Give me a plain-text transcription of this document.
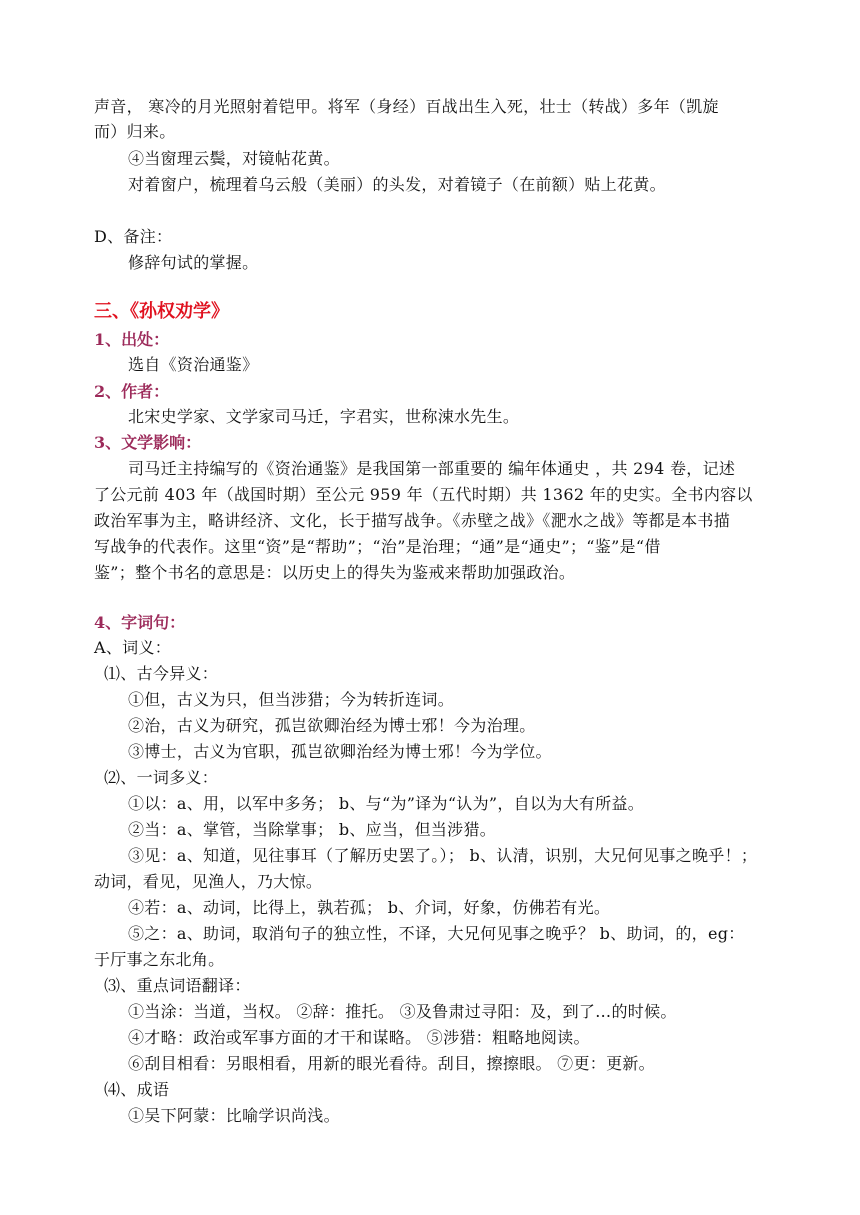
声音， 寒冷的月光照射着铠甲。将军（身经）百战出生入死，壮士（转战）多年（凯旋
而）归来。
④当窗理云鬓，对镜帖花黄。
对着窗户，梳理着乌云般（美丽）的头发，对着镜子（在前额）贴上花黄。
D、备注：
修辞句试的掌握。
三、《孙权劝学》
1、出处：
选自《资治通鉴》
2、作者：
北宋史学家、文学家司马迁，字君实，世称涑水先生。
3、文学影响：
司马迁主持编写的《资治通鉴》是我国第一部重要的 编年体通史 ，共 294 卷，记述
了公元前 403 年（战国时期）至公元 959 年（五代时期）共 1362 年的史实。全书内容以
政治军事为主，略讲经济、文化，长于描写战争。《赤壁之战》《淝水之战》等都是本书描
写战争的代表作。这里“资”是“帮助”；“治”是治理；“通”是“通史”；“鉴”是“借
鉴”；整个书名的意思是：以历史上的得失为鉴戒来帮助加强政治。
4、字词句：
A、词义：
⑴、古今异义：
①但，古义为只，但当涉猎；今为转折连词。
②治，古义为研究，孤岂欲卿治经为博士邪！今为治理。
③博士，古义为官职，孤岂欲卿治经为博士邪！今为学位。
⑵、一词多义：
①以：a、用，以军中多务； b、与“为”译为“认为”，自以为大有所益。
②当：a、掌管，当除掌事； b、应当，但当涉猎。
③见：a、知道，见往事耳（了解历史罢了。）； b、认清，识别，大兄何见事之晚乎！；
动词，看见，见渔人，乃大惊。
④若：a、动词，比得上，孰若孤； b、介词，好象，仿佛若有光。
⑤之：a、助词，取消句子的独立性，不译，大兄何见事之晚乎？ b、助词，的，eg：
于厅事之东北角。
⑶、重点词语翻译：
①当涂：当道，当权。 ②辞：推托。 ③及鲁肃过寻阳：及，到了…的时候。
④才略：政治或军事方面的才干和谋略。 ⑤涉猎：粗略地阅读。
⑥刮目相看：另眼相看，用新的眼光看待。刮目，擦擦眼。 ⑦更：更新。
⑷、成语
①吴下阿蒙：比喻学识尚浅。
